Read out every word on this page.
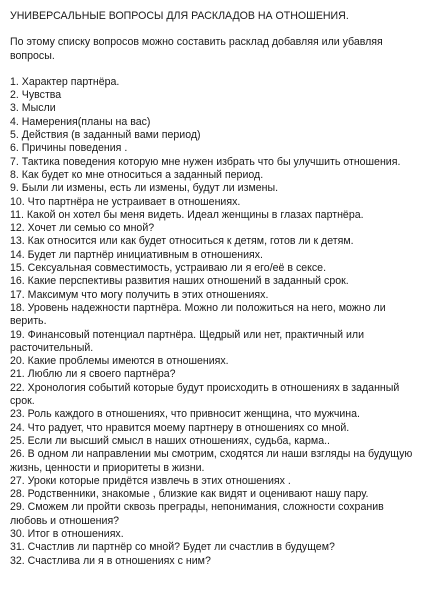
УНИВЕРСАЛЬНЫЕ ВОПРОСЫ ДЛЯ РАСКЛАДОВ НА ОТНОШЕНИЯ.
По этому списку вопросов можно составить расклад добавляя или убавляя вопросы.
1. Характер партнёра.
2. Чувства
3. Мысли
4. Намерения(планы на вас)
5. Действия (в заданный вами период)
6. Причины поведения .
7. Тактика поведения которую мне нужен избрать что бы улучшить отношения.
8. Как будет ко мне относиться а заданный период.
9. Были ли измены, есть ли измены, будут ли измены.
10. Что партнёра не устраивает в отношениях.
11. Какой он хотел бы меня видеть. Идеал женщины в глазах партнёра.
12. Хочет ли семью со мной?
13. Как относится или как будет относиться к детям, готов ли к детям.
14. Будет ли партнёр инициативным в отношениях.
15. Сексуальная совместимость, устраиваю ли я его/её в сексе.
16. Какие перспективы развития наших отношений в заданный срок.
17. Максимум что могу получить в этих отношениях.
18. Уровень надежности партнёра. Можно ли положиться на него, можно ли верить.
19. Финансовый потенциал партнёра. Щедрый или нет, практичный или расточительный.
20. Какие проблемы имеются в отношениях.
21. Люблю ли я своего партнёра?
22. Хронология событий которые будут происходить в отношениях в заданный срок.
23. Роль каждого в отношениях, что привносит женщина, что мужчина.
24. Что радует, что нравится моему партнеру в отношениях со мной.
25. Если ли высший смысл в наших отношениях, судьба, карма..
26. В одном ли направлении мы смотрим, сходятся ли наши взгляды на будущую жизнь, ценности и приоритеты в жизни.
27. Уроки которые придётся извлечь в этих отношениях .
28. Родственники, знакомые , близкие как видят и оценивают нашу пару.
29. Сможем ли пройти сквозь преграды, непонимания, сложности сохранив любовь и отношения?
30. Итог в отношениях.
31. Счастлив ли партнёр со мной? Будет ли счастлив в будущем?
32. Счастлива ли я в отношениях с ним?
